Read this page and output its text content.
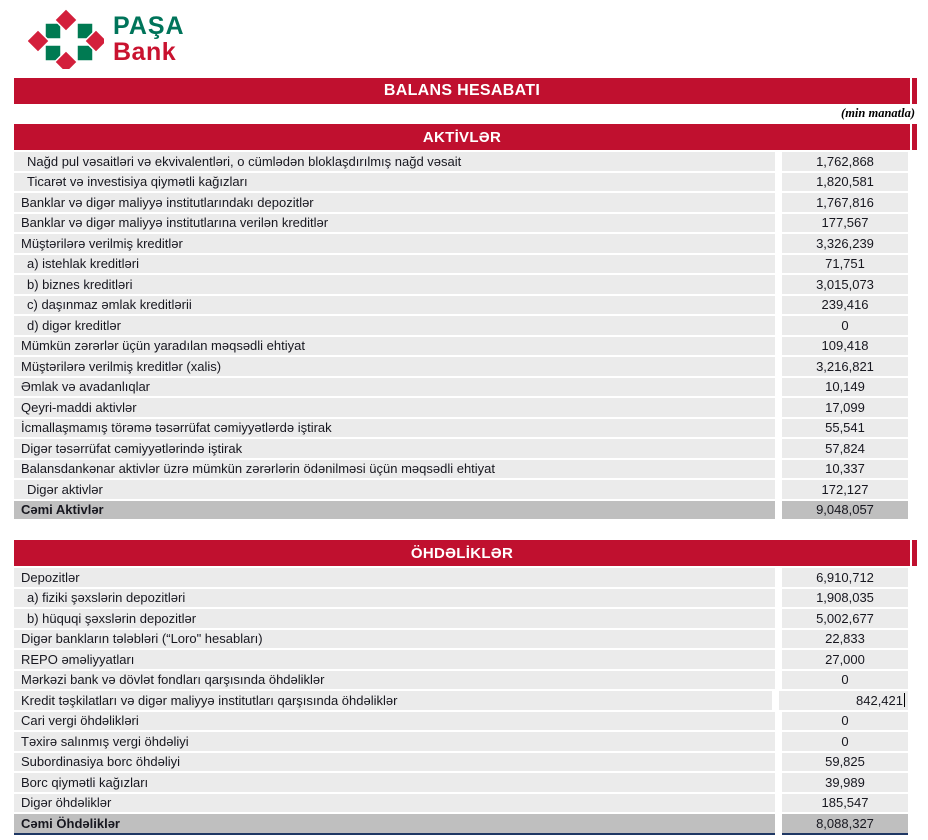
PAŞA
Bank
BALANS HESABATI
(min manatla)
AKTİVLƏR
Nağd pul vəsaitləri və ekvivalentləri, o cümlədən bloklaşdırılmış nağd vəsait	1,762,868
Ticarət və investisiya qiymətli kağızları	1,820,581
Banklar və digər maliyyə institutlarındakı depozitlər	1,767,816
Banklar və digər maliyyə institutlarına verilən kreditlər	177,567
Müştərilərə verilmiş kreditlər	3,326,239
a) istehlak kreditləri	71,751
b) biznes kreditləri	3,015,073
c) daşınmaz əmlak kreditlərii	239,416
d) digər kreditlər	0
Mümkün zərərlər üçün yaradılan məqsədli ehtiyat	109,418
Müştərilərə verilmiş kreditlər (xalis)	3,216,821
Əmlak və avadanlıqlar	10,149
Qeyri-maddi aktivlər	17,099
İcmallaşmamış törəmə təsərrüfat cəmiyyətlərdə iştirak	55,541
Digər təsərrüfat cəmiyyətlərində iştirak	57,824
Balansdankənar aktivlər üzrə mümkün zərərlərin ödənilməsi üçün məqsədli ehtiyat	10,337
Digər aktivlər	172,127
Cəmi Aktivlər	9,048,057
ÖHDƏLİKLƏR
Depozitlər	6,910,712
a) fiziki şəxslərin depozitləri	1,908,035
b) hüquqi şəxslərin depozitlər	5,002,677
Digər bankların tələbləri (“Loro" hesabları)	22,833
REPO əməliyyatları	27,000
Mərkəzi bank və dövlət fondları qarşısında öhdəliklər	0
Kredit təşkilatları və digər maliyyə institutları qarşısında öhdəliklər	842,421
Cari vergi öhdəlikləri	0
Təxirə salınmış vergi öhdəliyi	0
Subordinasiya borc öhdəliyi	59,825
Borc qiymətli kağızları	39,989
Digər öhdəliklər	185,547
Cəmi Öhdəliklər	8,088,327
